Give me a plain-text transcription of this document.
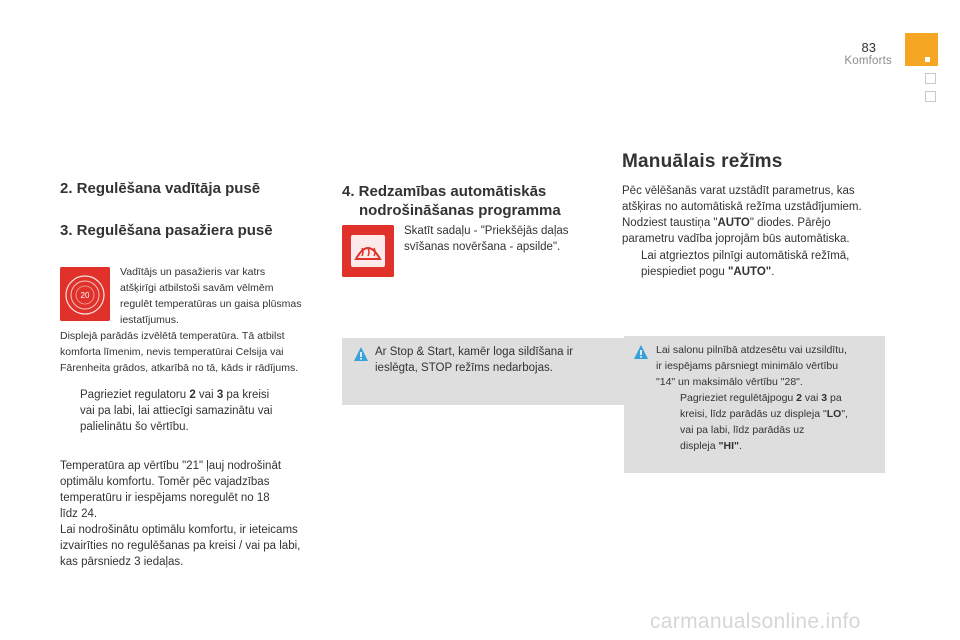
83
Komforts
2. Regulēšana vadītāja pusē
3. Regulēšana pasažiera pusē
20
Vadītājs un pasažieris var katrs
atšķirīgi atbilstoši savām vēlmēm
regulēt temperatūras un gaisa plūsmas
iestatījumus.
Displejā parādās izvēlētā temperatūra. Tā atbilst
komforta līmenim, nevis temperatūrai Celsija vai
Fārenheita grādos, atkarībā no tā, kāds ir rādījums.
Pagrieziet regulatoru 2 vai 3 pa kreisi
vai pa labi, lai attiecīgi samazinātu vai
palielinātu šo vērtību.
Temperatūra ap vērtību "21" ļauj nodrošināt
optimālu komfortu. Tomēr pēc vajadzības
temperatūru ir iespējams noregulēt no 18
līdz 24.
Lai nodrošinātu optimālu komfortu, ir ieteicams
izvairīties no regulēšanas pa kreisi / vai pa labi,
kas pārsniedz 3 iedaļas.
4. Redzamības automātiskās
nodrošināšanas programma
Skatīt sadaļu - "Priekšējās daļas
svīšanas novēršana - apsilde".
Ar Stop & Start, kamēr loga sildīšana ir
ieslēgta, STOP režīms nedarbojas.
Manuālais režīms
Pēc vēlēšanās varat uzstādīt parametrus, kas
atšķiras no automātiskā režīma uzstādījumiem.
Nodziest taustiņa "AUTO" diodes. Pārējo
parametru vadība joprojām būs automātiska.
Lai atgrieztos pilnīgi automātiskā režīmā,
piespiediet pogu "AUTO".
Lai salonu pilnībā atdzesētu vai uzsildītu,
ir iespējams pārsniegt minimālo vērtību
"14" un maksimālo vērtību "28".
Pagrieziet regulētājpogu 2 vai 3 pa
kreisi, līdz parādās uz displeja "LO",
vai pa labi, līdz parādās uz
displeja "HI".
carmanualsonline.info
